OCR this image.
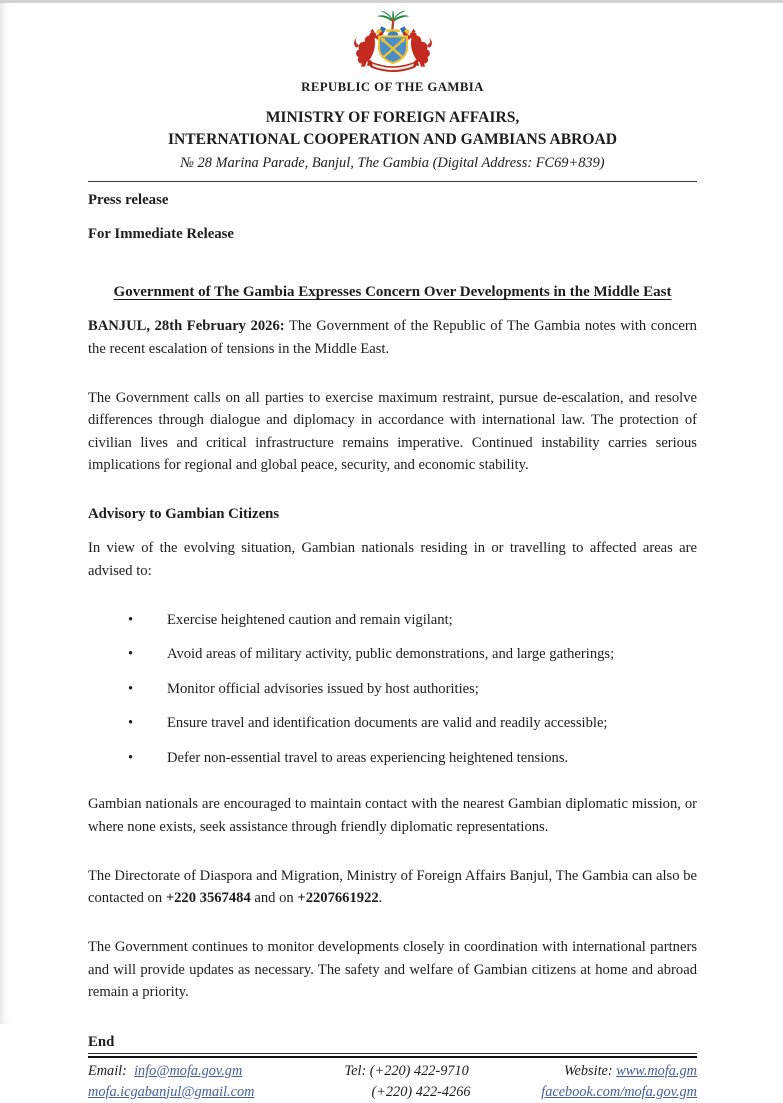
REPUBLIC OF THE GAMBIA
MINISTRY OF FOREIGN AFFAIRS,
INTERNATIONAL COOPERATION AND GAMBIANS ABROAD
№ 28 Marina Parade, Banjul, The Gambia (Digital Address: FC69+839)
Press release
For Immediate Release
Government of The Gambia Expresses Concern Over Developments in the Middle East

BANJUL, 28th February 2026: The Government of the Republic of The Gambia notes with concern the recent escalation of tensions in the Middle East.

The Government calls on all parties to exercise maximum restraint, pursue de-escalation, and resolve differences through dialogue and diplomacy in accordance with international law. The protection of civilian lives and critical infrastructure remains imperative. Continued instability carries serious implications for regional and global peace, security, and economic stability.

Advisory to Gambian Citizens

In view of the evolving situation, Gambian nationals residing in or travelling to affected areas are advised to:

•	Exercise heightened caution and remain vigilant;
•	Avoid areas of military activity, public demonstrations, and large gatherings;
•	Monitor official advisories issued by host authorities;
•	Ensure travel and identification documents are valid and readily accessible;
•	Defer non-essential travel to areas experiencing heightened tensions.

Gambian nationals are encouraged to maintain contact with the nearest Gambian diplomatic mission, or where none exists, seek assistance through friendly diplomatic representations.

The Directorate of Diaspora and Migration, Ministry of Foreign Affairs Banjul, The Gambia can also be contacted on +220 3567484 and on +2207661922.

The Government continues to monitor developments closely in coordination with international partners and will provide updates as necessary. The safety and welfare of Gambian citizens at home and abroad remain a priority.

End
Email: info@mofa.gov.gm
mofa.icgabanjul@gmail.com
Tel: (+220) 422-9710
(+220) 422-4266
Website: www.mofa.gm
facebook.com/mofa.gov.gm
